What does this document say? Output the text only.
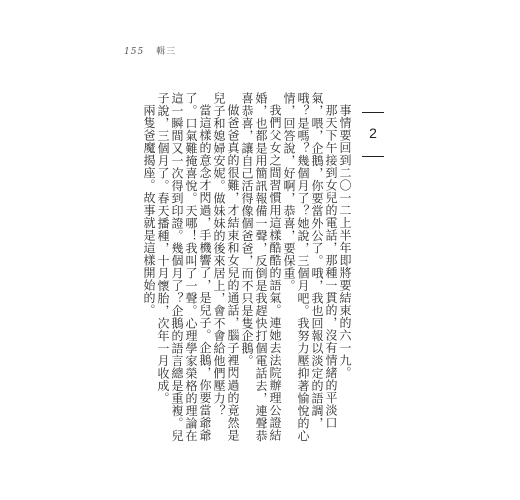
155 輯三
2

事情要回到二〇一二上半年即將要結束的六一九。

那天下午接到女兒的電話，那種一貫的，沒有情緒的平淡口氣，喂，企鵝，你要當外公了。哦，我也回報以淡定的語調，哦？是嗎？幾個月了？她說，三個月吧。我努力壓抑著愉悅的心情，回答說，好啊，恭喜，要保重。

我們父女之間習慣用這樣酷酷的語氣。連她去法院辦理公證結婚，也都是用簡訊報備一聲，反倒是我趕快打個電話去，連聲恭喜恭喜，讓自己活得像個爸爸，而不只是隻企鵝。

做爸爸真的很難，才結束和女兒的通話，腦子裡閃過的竟然是兒子和媳婦安妮。做妹妹的後來居上，會不會給他們壓力？

當這樣的意念才閃過，手機響了，是兒子。企鵝，你要當爺爺了。口氣難掩喜悅。天哪！我叫了一聲。心理學家榮格的理論在這一瞬間又一次得到印證。幾個月了？企鵝的語言總是重複。兒子說，三個月了。春天播種，十月懷胎，次年一月收成。

兩隻爸魔揭座。故事就是這樣開始的。
